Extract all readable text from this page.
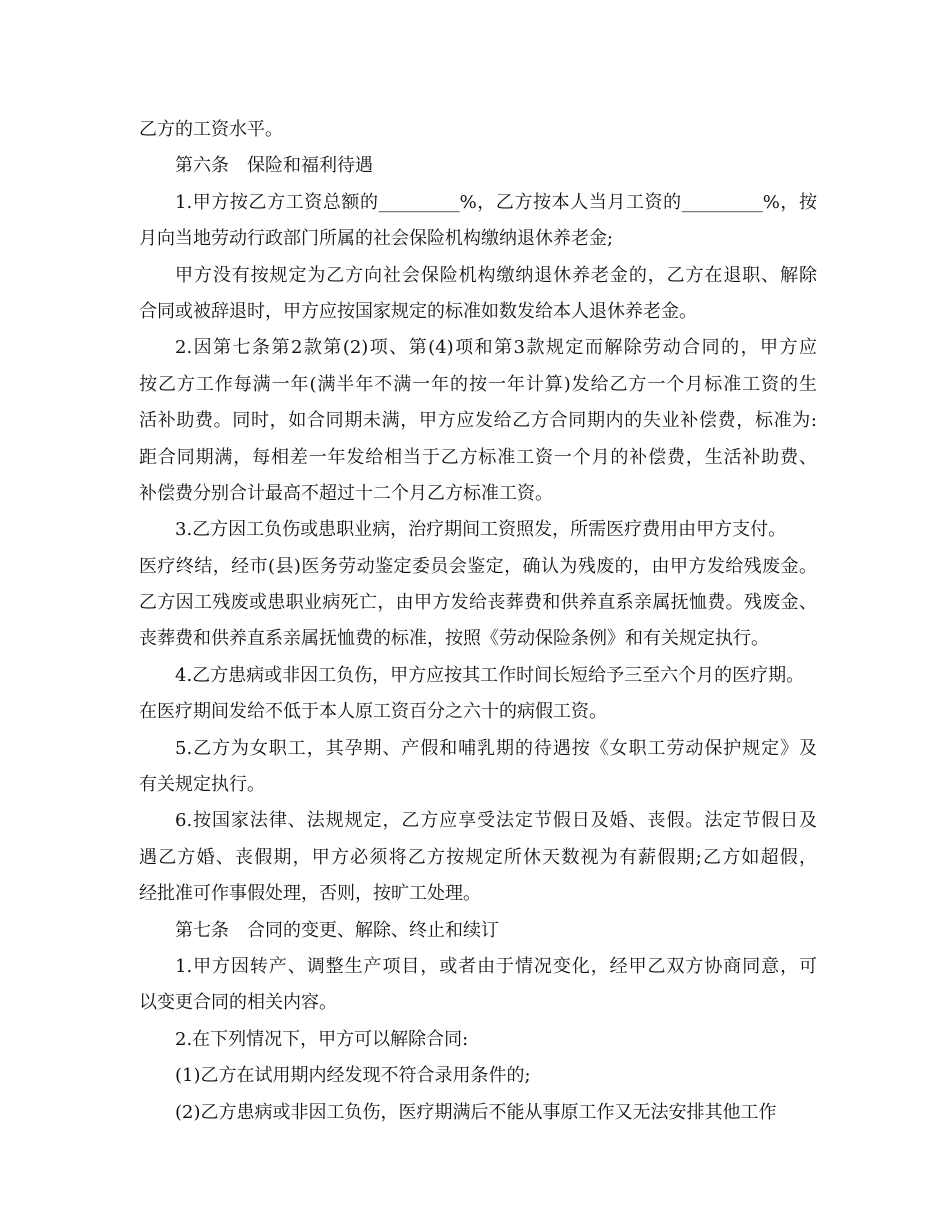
乙方的工资水平。
第六条　保险和福利待遇
1.甲方按乙方工资总额的_________%，乙方按本人当月工资的_________%，按
月向当地劳动行政部门所属的社会保险机构缴纳退休养老金;
甲方没有按规定为乙方向社会保险机构缴纳退休养老金的，乙方在退职、解除
合同或被辞退时，甲方应按国家规定的标准如数发给本人退休养老金。
2.因第七条第2款第(2)项、第(4)项和第3款规定而解除劳动合同的，甲方应
按乙方工作每满一年(满半年不满一年的按一年计算)发给乙方一个月标准工资的生
活补助费。同时，如合同期未满，甲方应发给乙方合同期内的失业补偿费，标准为:
距合同期满，每相差一年发给相当于乙方标准工资一个月的补偿费，生活补助费、
补偿费分别合计最高不超过十二个月乙方标准工资。
3.乙方因工负伤或患职业病，治疗期间工资照发，所需医疗费用由甲方支付。
医疗终结，经市(县)医务劳动鉴定委员会鉴定，确认为残废的，由甲方发给残废金。
乙方因工残废或患职业病死亡，由甲方发给丧葬费和供养直系亲属抚恤费。残废金、
丧葬费和供养直系亲属抚恤费的标准，按照《劳动保险条例》和有关规定执行。
4.乙方患病或非因工负伤，甲方应按其工作时间长短给予三至六个月的医疗期。
在医疗期间发给不低于本人原工资百分之六十的病假工资。
5.乙方为女职工，其孕期、产假和哺乳期的待遇按《女职工劳动保护规定》及
有关规定执行。
6.按国家法律、法规规定，乙方应享受法定节假日及婚、丧假。法定节假日及
遇乙方婚、丧假期，甲方必须将乙方按规定所休天数视为有薪假期;乙方如超假，
经批准可作事假处理，否则，按旷工处理。
第七条　合同的变更、解除、终止和续订
1.甲方因转产、调整生产项目，或者由于情况变化，经甲乙双方协商同意，可
以变更合同的相关内容。
2.在下列情况下，甲方可以解除合同:
(1)乙方在试用期内经发现不符合录用条件的;
(2)乙方患病或非因工负伤，医疗期满后不能从事原工作又无法安排其他工作
